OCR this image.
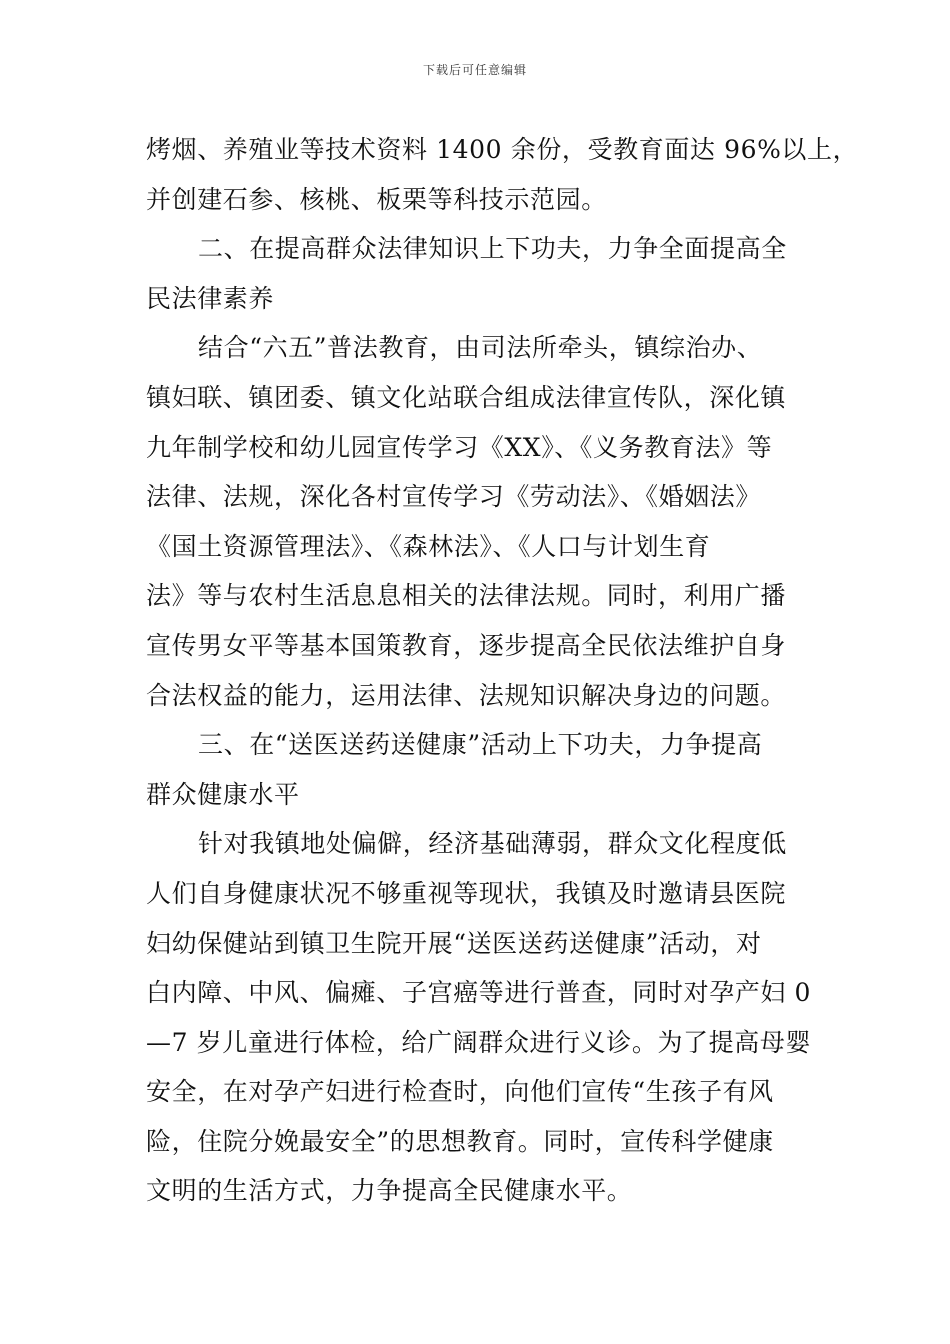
下载后可任意编辑
烤烟、养殖业等技术资料 1400 余份，受教育面达 96%以上，
并创建石参、核桃、板栗等科技示范园。
二、在提高群众法律知识上下功夫，力争全面提高全
民法律素养
结合“六五”普法教育，由司法所牵头，镇综治办、
镇妇联、镇团委、镇文化站联合组成法律宣传队，深化镇
九年制学校和幼儿园宣传学习《XX》、《义务教育法》等
法律、法规，深化各村宣传学习《劳动法》、《婚姻法》
《国土资源管理法》、《森林法》、《人口与计划生育
法》等与农村生活息息相关的法律法规。同时，利用广播
宣传男女平等基本国策教育，逐步提高全民依法维护自身
合法权益的能力，运用法律、法规知识解决身边的问题。
三、在“送医送药送健康”活动上下功夫，力争提高
群众健康水平
针对我镇地处偏僻，经济基础薄弱，群众文化程度低
人们自身健康状况不够重视等现状，我镇及时邀请县医院
妇幼保健站到镇卫生院开展“送医送药送健康”活动，对
白内障、中风、偏瘫、子宫癌等进行普查，同时对孕产妇 0
—7 岁儿童进行体检，给广阔群众进行义诊。为了提高母婴
安全，在对孕产妇进行检查时，向他们宣传“生孩子有风
险，住院分娩最安全”的思想教育。同时，宣传科学健康
文明的生活方式，力争提高全民健康水平。
